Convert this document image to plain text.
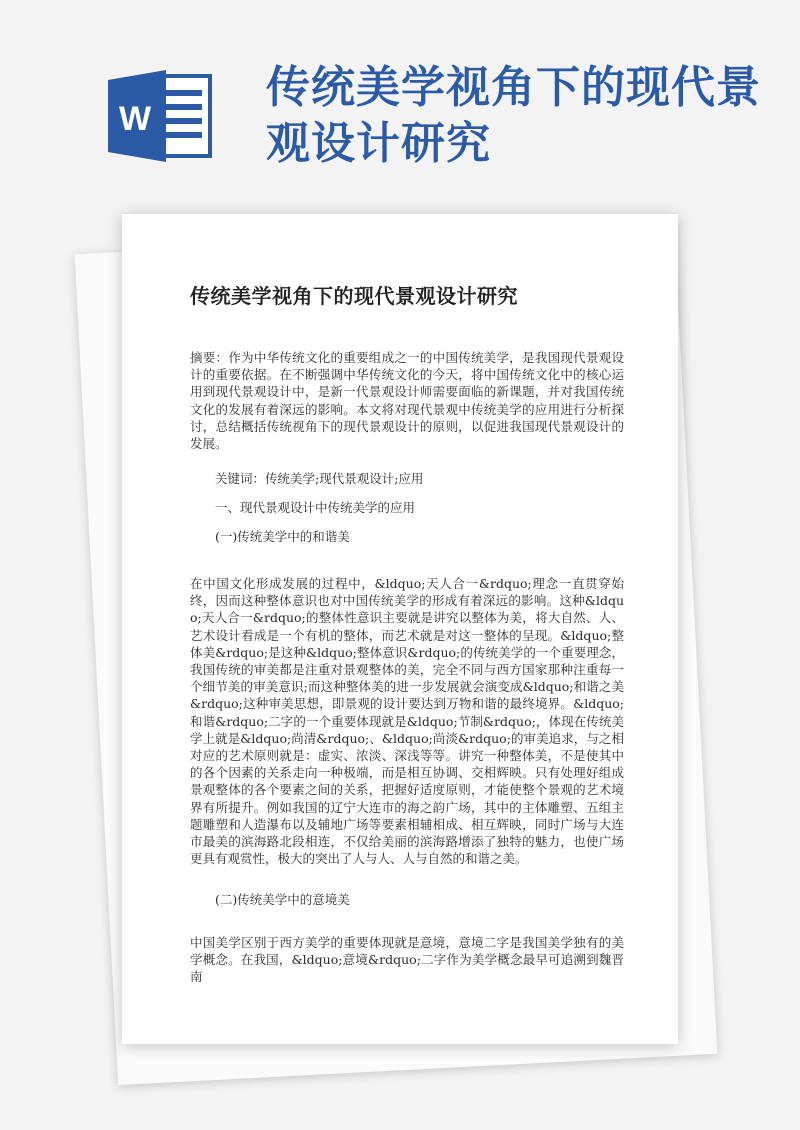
W
传统美学视角下的现代景观设计研究
传统美学视角下的现代景观设计研究

摘要：作为中华传统文化的重要组成之一的中国传统美学，是我国现代景观设计的重要依据。在不断强调中华传统文化的今天，将中国传统文化中的核心运用到现代景观设计中，是新一代景观设计师需要面临的新课题，并对我国传统文化的发展有着深远的影响。本文将对现代景观中传统美学的应用进行分析探讨，总结概括传统视角下的现代景观设计的原则，以促进我国现代景观设计的发展。

关键词：传统美学;现代景观设计;应用
一、现代景观设计中传统美学的应用
(一)传统美学中的和谐美

在中国文化形成发展的过程中，&ldquo;天人合一&rdquo;理念一直贯穿始终，因而这种整体意识也对中国传统美学的形成有着深远的影响。这种&ldquo;天人合一&rdquo;的整体性意识主要就是讲究以整体为美，将大自然、人、艺术设计看成是一个有机的整体，而艺术就是对这一整体的呈现。&ldquo;整体美&rdquo;是这种&ldquo;整体意识&rdquo;的传统美学的一个重要理念，我国传统的审美都是注重对景观整体的美，完全不同与西方国家那种注重每一个细节美的审美意识;而这种整体美的进一步发展就会演变成&ldquo;和谐之美&rdquo;这种审美思想，即景观的设计要达到万物和谐的最终境界。&ldquo;和谐&rdquo;二字的一个重要体现就是&ldquo;节制&rdquo;，体现在传统美学上就是&ldquo;尚清&rdquo;、&ldquo;尚淡&rdquo;的审美追求，与之相对应的艺术原则就是：虚实、浓淡、深浅等等。讲究一种整体美，不是使其中的各个因素的关系走向一种极端，而是相互协调、交相辉映。只有处理好组成景观整体的各个要素之间的关系，把握好适度原则，才能使整个景观的艺术境界有所提升。例如我国的辽宁大连市的海之韵广场，其中的主体雕塑、五组主题雕塑和人造瀑布以及辅地广场等要素相辅相成、相互辉映，同时广场与大连市最美的滨海路北段相连，不仅给美丽的滨海路增添了独特的魅力，也使广场更具有观赏性，极大的突出了人与人、人与自然的和谐之美。

(二)传统美学中的意境美

中国美学区别于西方美学的重要体现就是意境，意境二字是我国美学独有的美学概念。在我国，&ldquo;意境&rdquo;二字作为美学概念最早可追溯到魏晋南
